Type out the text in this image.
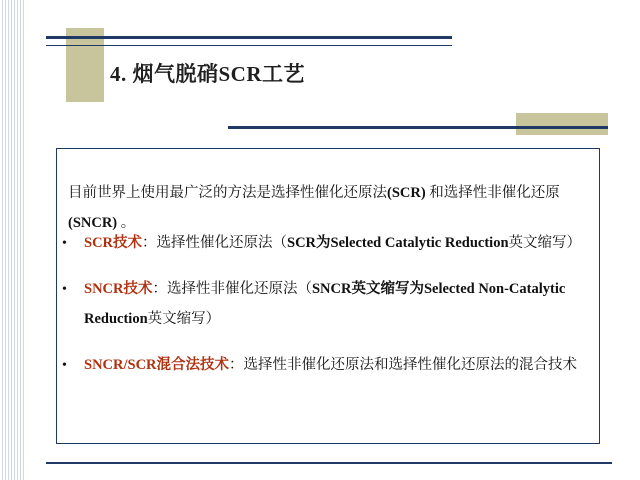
4. 烟气脱硝SCR工艺
目前世界上使用最广泛的方法是选择性催化还原法(SCR) 和选择性非催化还原(SNCR) 。
• SCR技术：选择性催化还原法（SCR为Selected Catalytic Reduction英文缩写）
• SNCR技术：选择性非催化还原法（SNCR英文缩写为Selected Non-Catalytic Reduction英文缩写）
• SNCR/SCR混合法技术：选择性非催化还原法和选择性催化还原法的混合技术
